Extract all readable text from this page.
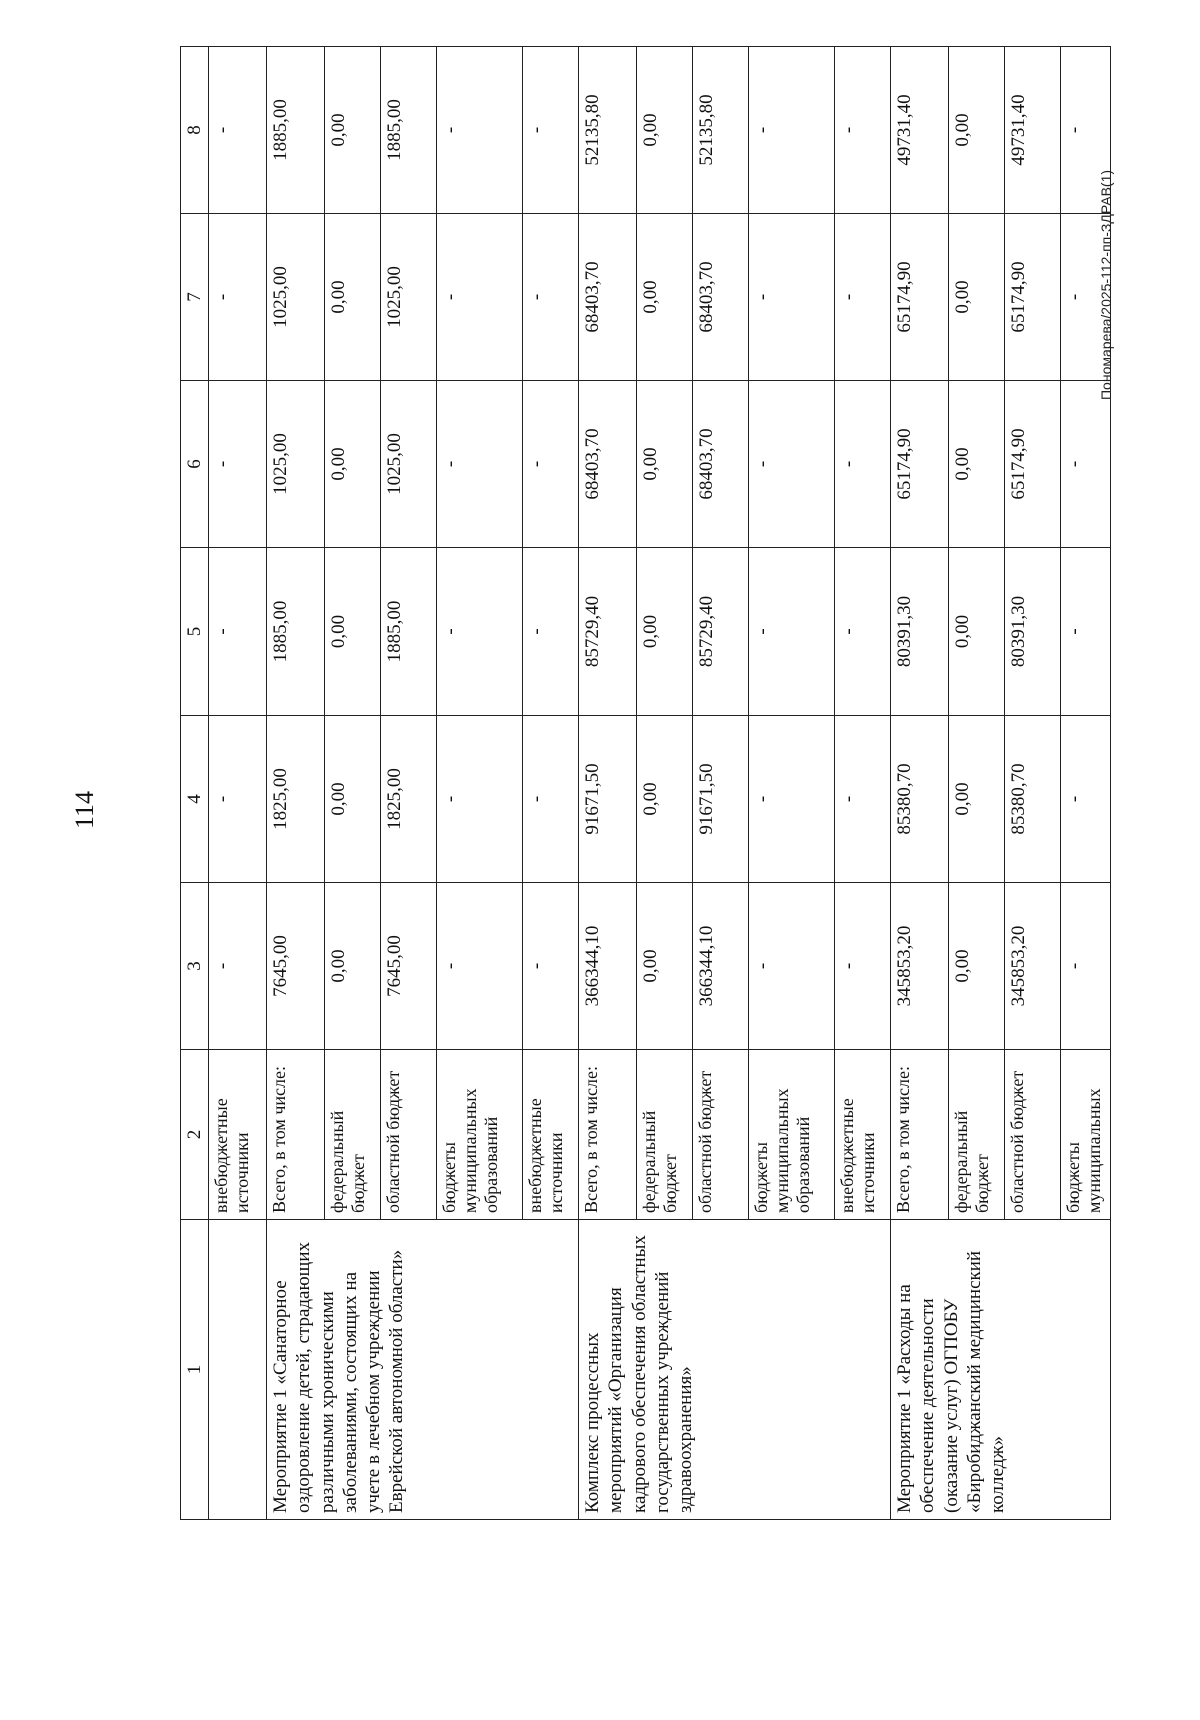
114
1	2	3	4	5	6	7	8
	внебюджетные источники	-	-	-	-	-	-
Мероприятие 1 «Санаторное оздоровление детей, страдающих различными хроническими заболеваниями, состоящих на учете в лечебном учреждении Еврейской автономной области»	Всего, в том числе:	7645,00	1825,00	1885,00	1025,00	1025,00	1885,00
	федеральный бюджет	0,00	0,00	0,00	0,00	0,00	0,00
	областной бюджет	7645,00	1825,00	1885,00	1025,00	1025,00	1885,00
	бюджеты муниципальных образований	-	-	-	-	-	-
	внебюджетные источники	-	-	-	-	-	-
Комплекс процессных мероприятий «Организация кадрового обеспечения областных государственных учреждений здравоохранения»	Всего, в том числе:	366344,10	91671,50	85729,40	68403,70	68403,70	52135,80
	федеральный бюджет	0,00	0,00	0,00	0,00	0,00	0,00
	областной бюджет	366344,10	91671,50	85729,40	68403,70	68403,70	52135,80
	бюджеты муниципальных образований	-	-	-	-	-	-
	внебюджетные источники	-	-	-	-	-	-
Мероприятие 1 «Расходы на обеспечение деятельности (оказание услуг) ОГПОБУ «Биробиджанский медицинский колледж»	Всего, в том числе:	345853,20	85380,70	80391,30	65174,90	65174,90	49731,40
	федеральный бюджет	0,00	0,00	0,00	0,00	0,00	0,00
	областной бюджет	345853,20	85380,70	80391,30	65174,90	65174,90	49731,40
	бюджеты муниципальных	-	-	-	-	-	-
Пономарева/2025-112-пп-ЗДРАВ(1)
